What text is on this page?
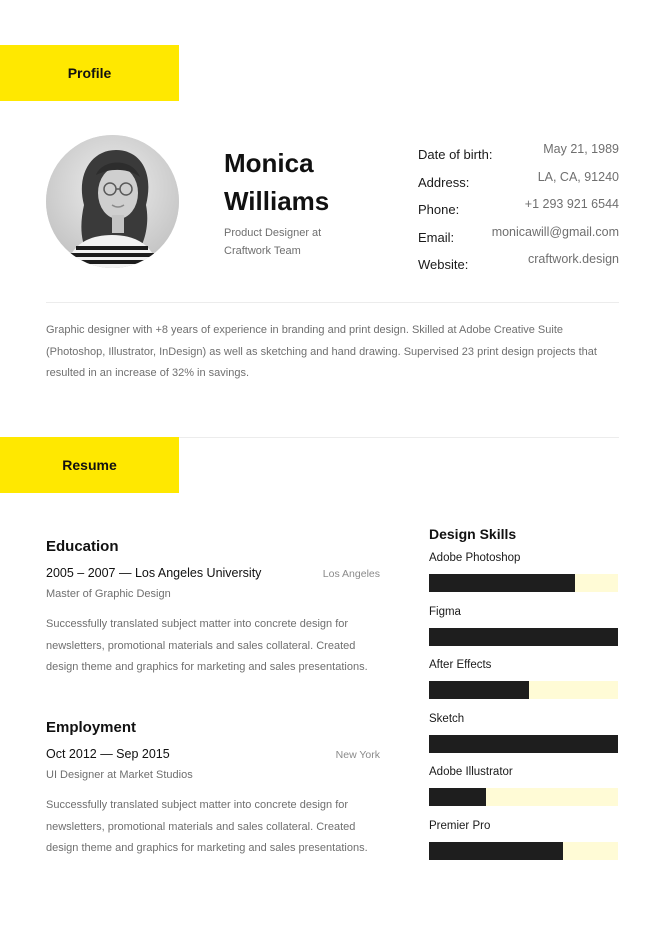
Profile
Monica
Williams
Product Designer at Craftwork Team
Date of birth:	May 21, 1989
Address:	LA, CA, 91240
Phone:	+1 293 921 6544
Email:	monicawill@gmail.com
Website:	craftwork.design

Graphic designer with +8 years of experience in branding and print design. Skilled at Adobe Creative Suite (Photoshop, Illustrator, InDesign) as well as sketching and hand drawing. Supervised 23 print design projects that resulted in an increase of 32% in savings.

Resume
Education
2005 – 2007 — Los Angeles University	Los Angeles
Master of Graphic Design

Successfully translated subject matter into concrete design for newsletters, promotional materials and sales collateral. Created design theme and graphics for marketing and sales presentations.

Employment
Oct 2012 — Sep 2015	New York
UI Designer at Market Studios

Successfully translated subject matter into concrete design for newsletters, promotional materials and sales collateral. Created design theme and graphics for marketing and sales presentations.

Design Skills
Adobe Photoshop
Figma
After Effects
Sketch
Adobe Illustrator
Premier Pro
